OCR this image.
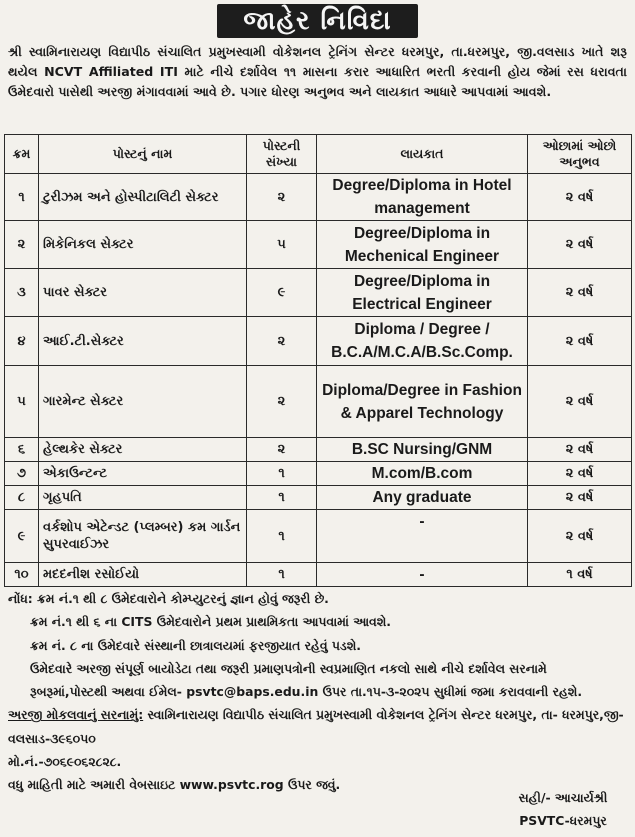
જાહેર નિવિદા
શ્રી સ્વામિનારાયણ વિદ્યાપીઠ સંચાલિત પ્રમુખસ્વામી વોકેશનલ ટ્રેનિંગ સેન્ટર ધરમપુર, તા.ધરમપુર, જી.વલસાડ ખાતે શરૂ થયેલ NCVT Affiliated ITI માટે નીચે દર્શાવેલ ૧૧ માસના કરાર આધારિત ભરતી કરવાની હોય જેમાં રસ ધરાવતા ઉમેદવારો પાસેથી અરજી મંગાવવામાં આવે છે. પગાર ધોરણ અનુભવ અને લાયકાત આધારે આપવામાં આવશે.
ક્રમ	પોસ્ટનું નામ	પોસ્ટની સંખ્યા	લાયકાત	ઓછામાં ઓછો અનુભવ
૧	ટુરીઝમ અને હોસ્પીટાલિટી સેક્ટર	૨	Degree/Diploma in Hotel management	૨ વર્ષ
૨	મિકેનિકલ સેક્ટર	૫	Degree/Diploma in Mechenical Engineer	૨ વર્ષ
૩	પાવર સેક્ટર	૯	Degree/Diploma in Electrical Engineer	૨ વર્ષ
૪	આઈ.ટી.સેક્ટર	૨	Diploma / Degree / B.C.A/M.C.A/B.Sc.Comp.	૨ વર્ષ
૫	ગારમેન્ટ સેક્ટર	૨	Diploma/Degree in Fashion & Apparel Technology	૨ વર્ષ
૬	હેલ્થકેર સેક્ટર	૨	B.SC Nursing/GNM	૨ વર્ષ
૭	એકાઉન્ટન્ટ	૧	M.com/B.com	૨ વર્ષ
૮	ગૃહપતિ	૧	Any graduate	૨ વર્ષ
૯	વર્કશોપ એટેન્ડટ (પ્લમ્બર) કમ ગાર્ડન સુપરવાઈઝર	૧	-	૨ વર્ષ
૧૦	મદદનીશ રસોઈયો	૧	-	૧ વર્ષ

નોંધ: ક્રમ નં.૧ થી ૮ ઉમેદવારોને કોમ્પ્યુટરનું જ્ઞાન હોવું જરૂરી છે.

ક્રમ નં.૧ થી ૬ ના CITS ઉમેદવારોને પ્રથમ પ્રાથમિકતા આપવામાં આવશે.

ક્રમ નં. ૮ ના ઉમેદવારે સંસ્થાની છાત્રાલયમાં ફરજીયાત રહેવું પડશે.

ઉમેદવારે અરજી સંપૂર્ણ બાયોડેટા તથા જરૂરી પ્રમાણપત્રોની સ્વપ્રમાણિત નકલો સાથે નીચે દર્શાવેલ સરનામે રૂબરૂમાં,પોસ્ટથી અથવા ઈમેલ- psvtc@baps.edu.in ઉપર તા.૧૫-૩-૨૦૨૫ સુધીમાં જમા કરાવવાની રહશે.

અરજી મોકલવાનું સરનામું: સ્વામિનારાયણ વિદ્યાપીઠ સંચાલિત પ્રમુખસ્વામી વોકેશનલ ટ્રેનિંગ સેન્ટર ધરમપુર, તા- ધરમપુર,જી-વલસાડ-૩૯૬૦૫૦

મો.નં.-૭૦૬૯૦૬૨૮૨૮.

વધુ માહિતી માટે અમારી વેબસાઇટ www.psvtc.rog ઉપર જવું.

સહી/- આચાર્યશ્રી
PSVTC-ધરમપુર
